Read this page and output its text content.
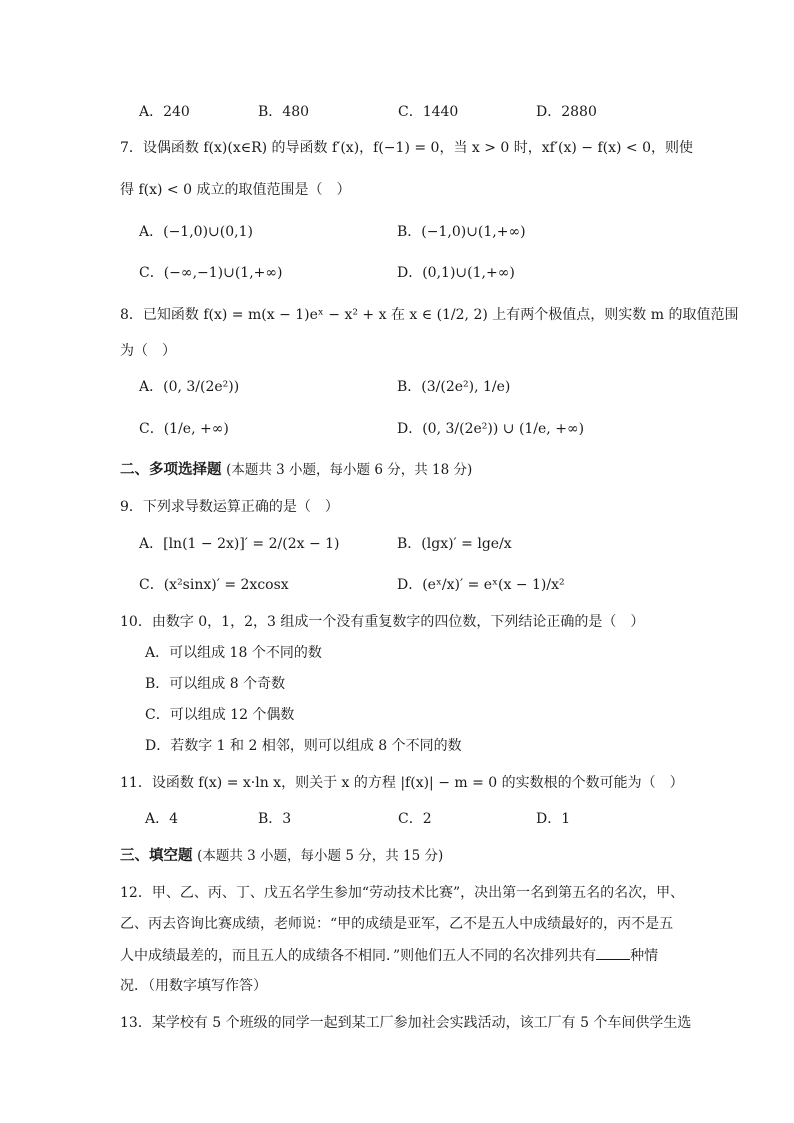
A．240	B．480	C．1440	D．2880
7．设偶函数 f(x)(x∈R) 的导函数 f′(x)，f(−1) = 0，当 x > 0 时，xf′(x) − f(x) < 0，则使
得 f(x) < 0 成立的取值范围是（　）
A．(−1,0)∪(0,1)	B．(−1,0)∪(1,+∞)
C．(−∞,−1)∪(1,+∞)	D．(0,1)∪(1,+∞)
8．已知函数 f(x) = m(x − 1)eˣ − x² + x 在 x ∈ (1/2, 2) 上有两个极值点，则实数 m 的取值范围
为（　）
A．(0, 3/(2e²))	B．(3/(2e²), 1/e)
C．(1/e, +∞)	D．(0, 3/(2e²)) ∪ (1/e, +∞)
二、多项选择题 (本题共 3 小题，每小题 6 分，共 18 分)
9．下列求导数运算正确的是（　）
A．[ln(1 − 2x)]′ = 2/(2x − 1)	B．(lgx)′ = lge/x
C．(x²sinx)′ = 2xcosx	D．(eˣ/x)′ = eˣ(x − 1)/x²
10．由数字 0，1，2，3 组成一个没有重复数字的四位数，下列结论正确的是（　）
A．可以组成 18 个不同的数
B．可以组成 8 个奇数
C．可以组成 12 个偶数
D．若数字 1 和 2 相邻，则可以组成 8 个不同的数
11．设函数 f(x) = x·ln x，则关于 x 的方程 |f(x)| − m = 0 的实数根的个数可能为（　）
A．4	B．3	C．2	D．1
三、填空题 (本题共 3 小题，每小题 5 分，共 15 分)
12．甲、乙、丙、丁、戊五名学生参加“劳动技术比赛”，决出第一名到第五名的名次，甲、
乙、丙去咨询比赛成绩，老师说：“甲的成绩是亚军，乙不是五人中成绩最好的，丙不是五
人中成绩最差的，而且五人的成绩各不相同．”则他们五人不同的名次排列共有 种情
况．（用数字填写作答）
13．某学校有 5 个班级的同学一起到某工厂参加社会实践活动，该工厂有 5 个车间供学生选
